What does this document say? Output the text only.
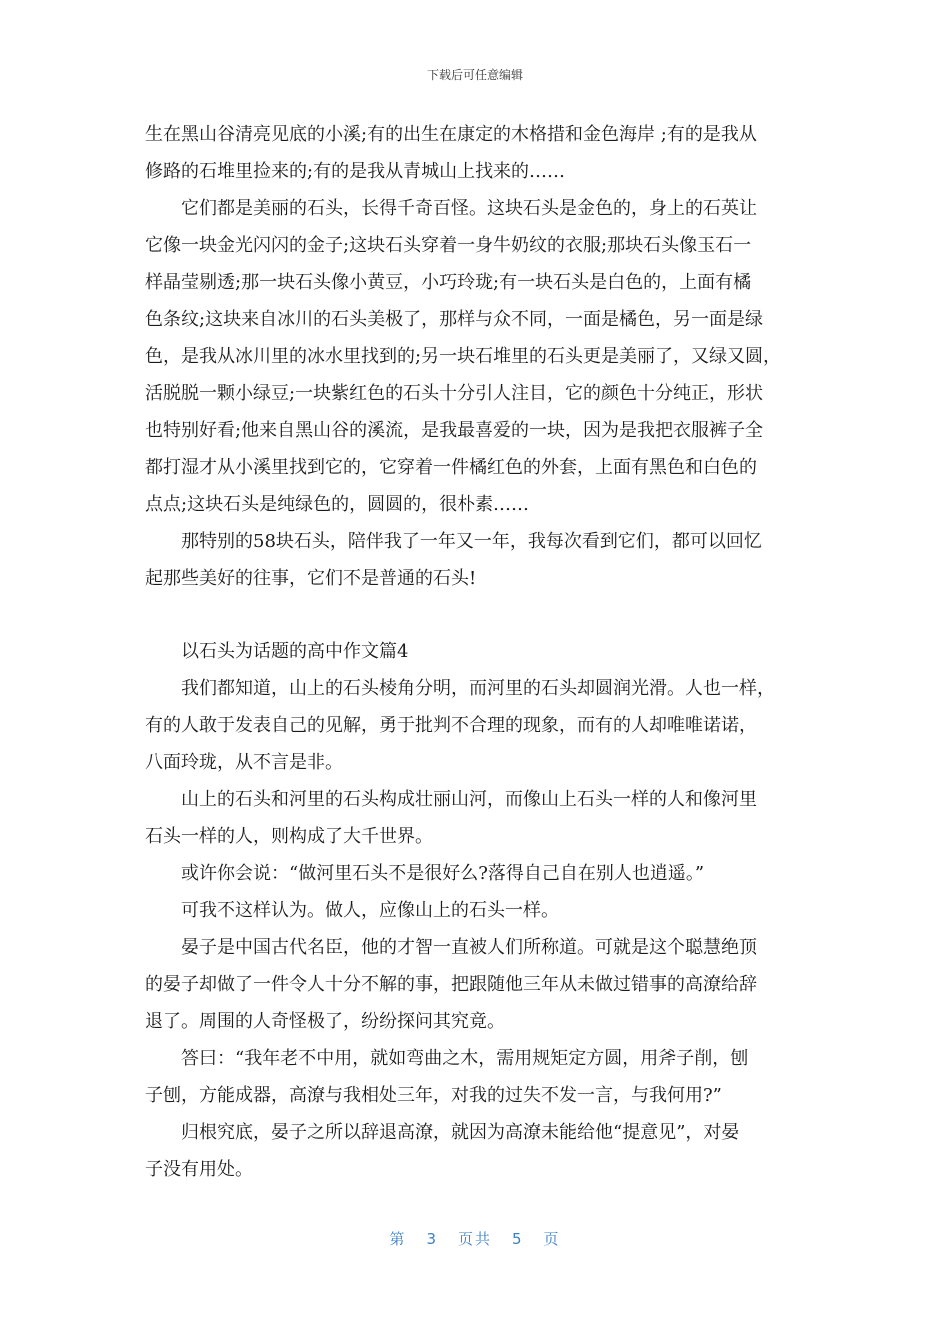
下载后可任意编辑
生在黑山谷清亮见底的小溪;有的出生在康定的木格措和金色海岸 ;有的是我从
修路的石堆里捡来的;有的是我从青城山上找来的……
它们都是美丽的石头，长得千奇百怪。这块石头是金色的，身上的石英让
它像一块金光闪闪的金子;这块石头穿着一身牛奶纹的衣服;那块石头像玉石一
样晶莹剔透;那一块石头像小黄豆，小巧玲珑;有一块石头是白色的，上面有橘
色条纹;这块来自冰川的石头美极了，那样与众不同，一面是橘色，另一面是绿
色，是我从冰川里的冰水里找到的;另一块石堆里的石头更是美丽了，又绿又圆，
活脱脱一颗小绿豆;一块紫红色的石头十分引人注目，它的颜色十分纯正，形状
也特别好看;他来自黑山谷的溪流，是我最喜爱的一块，因为是我把衣服裤子全
都打湿才从小溪里找到它的，它穿着一件橘红色的外套，上面有黑色和白色的
点点;这块石头是纯绿色的，圆圆的，很朴素……
那特别的58块石头，陪伴我了一年又一年，我每次看到它们，都可以回忆
起那些美好的往事，它们不是普通的石头!
以石头为话题的高中作文篇4
我们都知道，山上的石头棱角分明，而河里的石头却圆润光滑。人也一样，
有的人敢于发表自己的见解，勇于批判不合理的现象，而有的人却唯唯诺诺，
八面玲珑，从不言是非。
山上的石头和河里的石头构成壮丽山河，而像山上石头一样的人和像河里
石头一样的人，则构成了大千世界。
或许你会说：“做河里石头不是很好么?落得自己自在别人也逍遥。”
可我不这样认为。做人，应像山上的石头一样。
晏子是中国古代名臣，他的才智一直被人们所称道。可就是这个聪慧绝顶
的晏子却做了一件令人十分不解的事，把跟随他三年从未做过错事的高潦给辞
退了。周围的人奇怪极了，纷纷探问其究竟。
答曰：“我年老不中用，就如弯曲之木，需用规矩定方圆，用斧子削，刨
子刨，方能成器，高潦与我相处三年，对我的过失不发一言，与我何用?”
归根究底，晏子之所以辞退高潦，就因为高潦未能给他“提意见”，对晏
子没有用处。
第 3 页共 5 页
